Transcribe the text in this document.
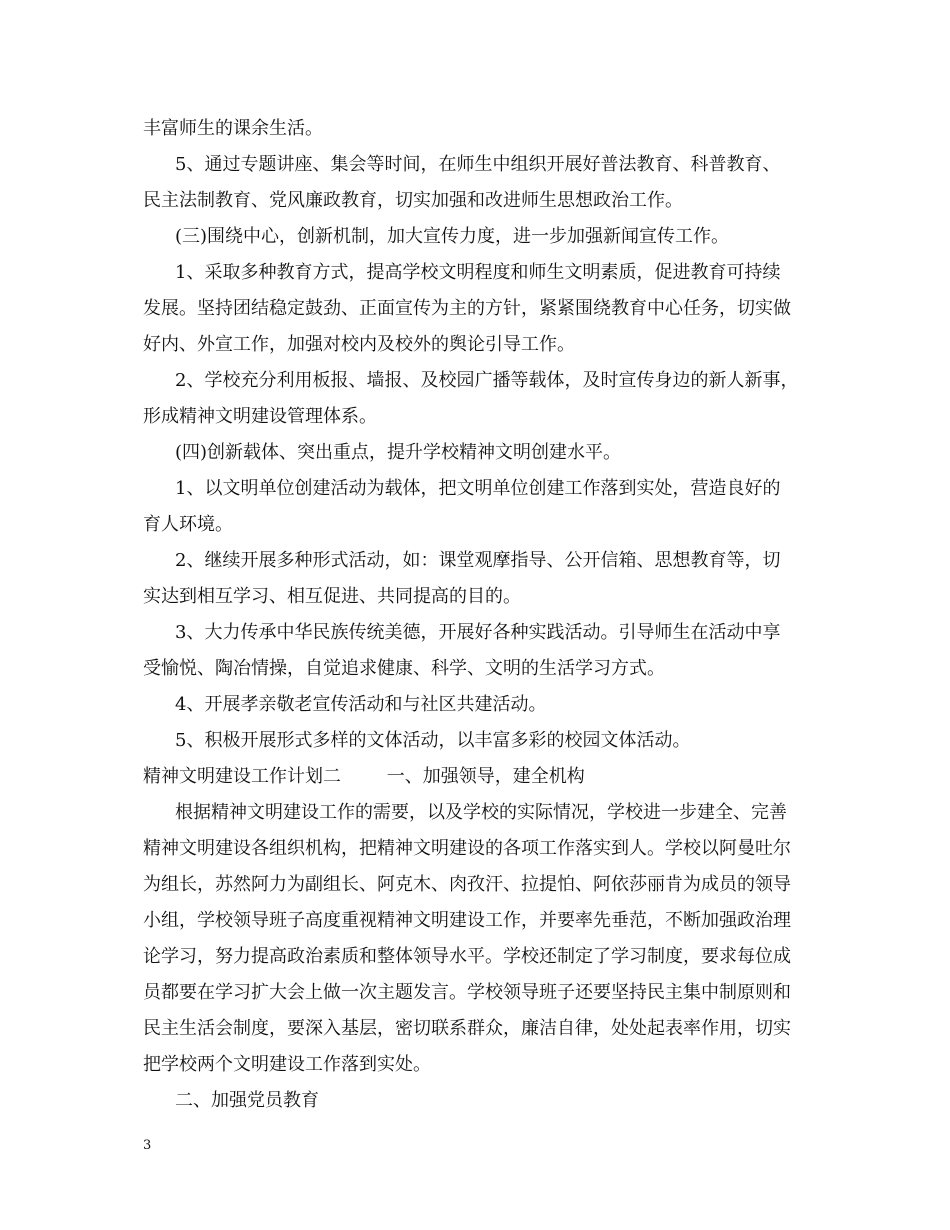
丰富师生的课余生活。
5、通过专题讲座、集会等时间，在师生中组织开展好普法教育、科普教育、
民主法制教育、党风廉政教育，切实加强和改进师生思想政治工作。
(三)围绕中心，创新机制，加大宣传力度，进一步加强新闻宣传工作。
1、采取多种教育方式，提高学校文明程度和师生文明素质，促进教育可持续
发展。坚持团结稳定鼓劲、正面宣传为主的方针，紧紧围绕教育中心任务，切实做
好内、外宣工作，加强对校内及校外的舆论引导工作。
2、学校充分利用板报、墙报、及校园广播等载体，及时宣传身边的新人新事，
形成精神文明建设管理体系。
(四)创新载体、突出重点，提升学校精神文明创建水平。
1、以文明单位创建活动为载体，把文明单位创建工作落到实处，营造良好的
育人环境。
2、继续开展多种形式活动，如：课堂观摩指导、公开信箱、思想教育等，切
实达到相互学习、相互促进、共同提高的目的。
3、大力传承中华民族传统美德，开展好各种实践活动。引导师生在活动中享
受愉悦、陶冶情操，自觉追求健康、科学、文明的生活学习方式。
4、开展孝亲敬老宣传活动和与社区共建活动。
5、积极开展形式多样的文体活动，以丰富多彩的校园文体活动。
精神文明建设工作计划二        一、加强领导，建全机构
根据精神文明建设工作的需要，以及学校的实际情况，学校进一步建全、完善
精神文明建设各组织机构，把精神文明建设的各项工作落实到人。学校以阿曼吐尔
为组长，苏然阿力为副组长、阿克木、肉孜汗、拉提怕、阿依莎丽肯为成员的领导
小组，学校领导班子高度重视精神文明建设工作，并要率先垂范，不断加强政治理
论学习，努力提高政治素质和整体领导水平。学校还制定了学习制度，要求每位成
员都要在学习扩大会上做一次主题发言。学校领导班子还要坚持民主集中制原则和
民主生活会制度，要深入基层，密切联系群众，廉洁自律，处处起表率作用，切实
把学校两个文明建设工作落到实处。
二、加强党员教育
3
